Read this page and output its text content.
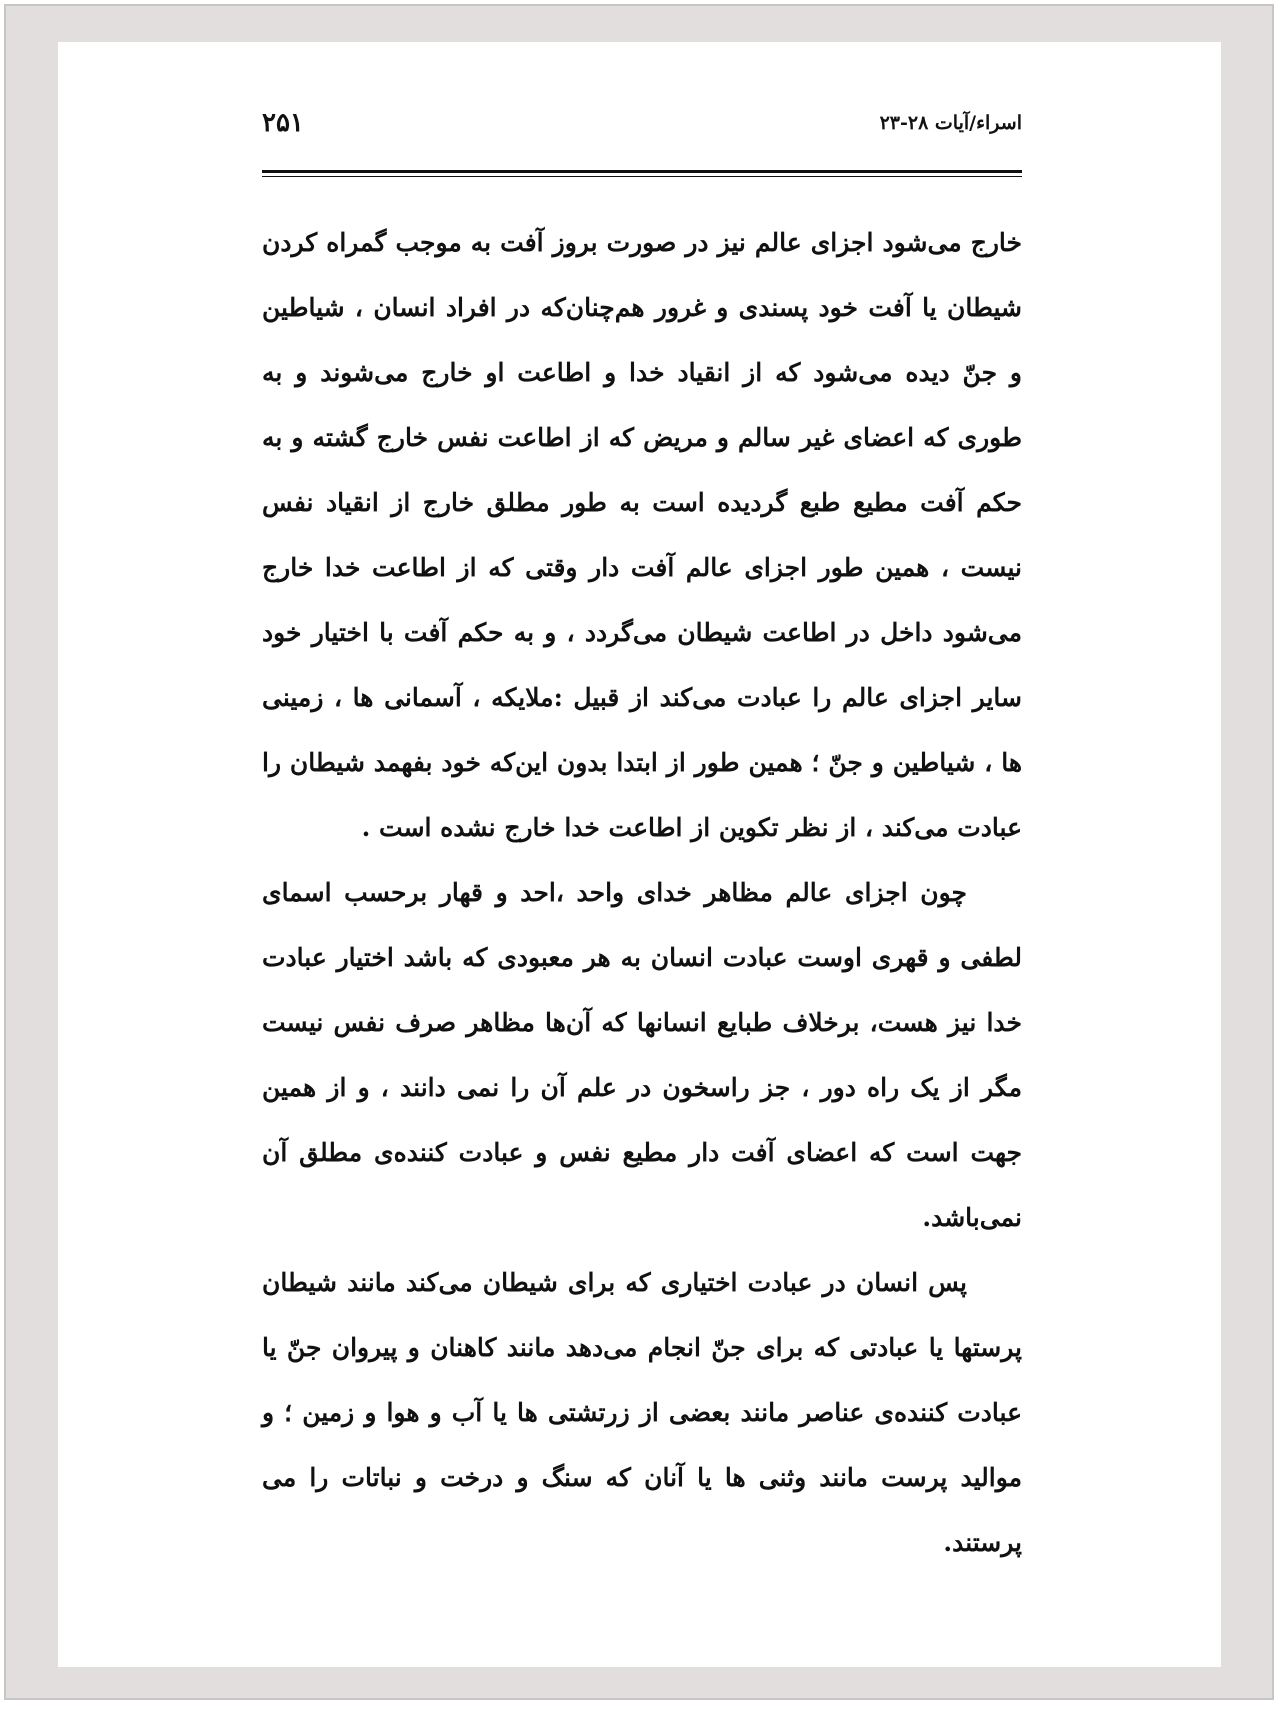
۲۵۱	اسراء/آیات ۲۸-۲۳

خارج می‌شود اجزای عالم نیز در صورت بروز آفت به موجب گمراه کردن شیطان یا آفت خود پسندی و غرور هم‌چنان‌که در افراد انسان ، شیاطین و جنّ دیده می‌شود که از انقیاد خدا و اطاعت او خارج می‌شوند و به طوری که اعضای غیر سالم و مریض که از اطاعت نفس خارج گشته و به حکم آفت مطیع طبع گردیده است به طور مطلق خارج از انقیاد نفس نیست ، همین طور اجزای عالم آفت دار وقتی که از اطاعت خدا خارج می‌شود داخل در اطاعت شیطان می‌گردد ، و به حکم آفت با اختیار خود سایر اجزای عالم را عبادت می‌کند از قبیل :ملایکه ، آسمانی ها ، زمینی ها ، شیاطین و جنّ ؛ همین طور از ابتدا بدون این‌که خود بفهمد شیطان را عبادت می‌کند ، از نظر تکوین از اطاعت خدا خارج نشده است .

چون اجزای عالم مظاهر خدای واحد ،احد و قهار برحسب اسمای لطفی و قهری اوست عبادت انسان به هر معبودی که باشد اختیار عبادت خدا نیز هست، برخلاف طبایع انسانها که آن‌ها مظاهر صرف نفس نیست مگر از یک راه دور ، جز راسخون در علم آن را نمی دانند ، و از همین جهت است که اعضای آفت دار مطیع نفس و عبادت کننده‌ی مطلق آن نمی‌باشد.

پس انسان در عبادت اختیاری که برای شیطان می‌کند مانند شیطان پرستها یا عبادتی که برای جنّ انجام می‌دهد مانند کاهنان و پیروان جنّ یا عبادت کننده‌ی عناصر مانند بعضی از زرتشتی ها یا آب و هوا و زمین ؛ و موالید پرست مانند وثنی ها یا آنان که سنگ و درخت و نباتات را می پرستند.
